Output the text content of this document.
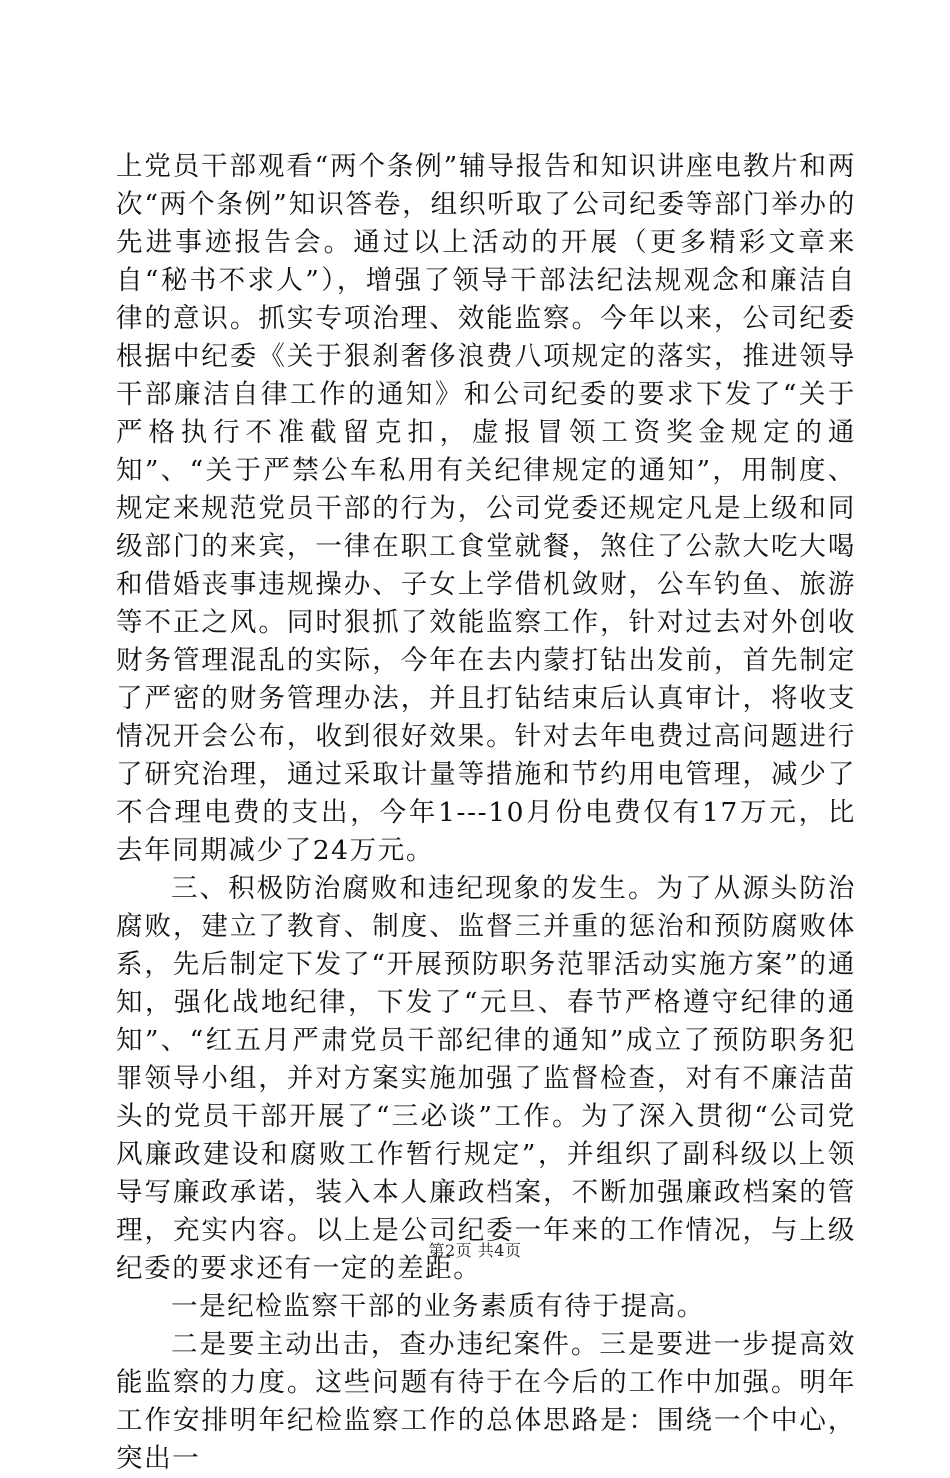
上党员干部观看“两个条例”辅导报告和知识讲座电教片和两次“两个条例”知识答卷，组织听取了公司纪委等部门举办的先进事迹报告会。通过以上活动的开展（更多精彩文章来自“秘书不求人”），增强了领导干部法纪法规观念和廉洁自律的意识。抓实专项治理、效能监察。今年以来，公司纪委根据中纪委《关于狠刹奢侈浪费八项规定的落实，推进领导干部廉洁自律工作的通知》和公司纪委的要求下发了“关于严格执行不准截留克扣，虚报冒领工资奖金规定的通知”、“关于严禁公车私用有关纪律规定的通知”，用制度、规定来规范党员干部的行为，公司党委还规定凡是上级和同级部门的来宾，一律在职工食堂就餐，煞住了公款大吃大喝和借婚丧事违规操办、子女上学借机敛财，公车钓鱼、旅游等不正之风。同时狠抓了效能监察工作，针对过去对外创收财务管理混乱的实际，今年在去内蒙打钻出发前，首先制定了严密的财务管理办法，并且打钻结束后认真审计，将收支情况开会公布，收到很好效果。针对去年电费过高问题进行了研究治理，通过采取计量等措施和节约用电管理，减少了不合理电费的支出，今年1---10月份电费仅有17万元，比去年同期减少了24万元。

三、积极防治腐败和违纪现象的发生。为了从源头防治腐败，建立了教育、制度、监督三并重的惩治和预防腐败体系，先后制定下发了“开展预防职务范罪活动实施方案”的通知，强化战地纪律，下发了“元旦、春节严格遵守纪律的通知”、“红五月严肃党员干部纪律的通知”成立了预防职务犯罪领导小组，并对方案实施加强了监督检查，对有不廉洁苗头的党员干部开展了“三必谈”工作。为了深入贯彻“公司党风廉政建设和腐败工作暂行规定”，并组织了副科级以上领导写廉政承诺，装入本人廉政档案，不断加强廉政档案的管理，充实内容。以上是公司纪委一年来的工作情况，与上级纪委的要求还有一定的差距。

一是纪检监察干部的业务素质有待于提高。

二是要主动出击，查办违纪案件。三是要进一步提高效能监察的力度。这些问题有待于在今后的工作中加强。明年工作安排明年纪检监察工作的总体思路是：围绕一个中心，突出一

第2页 共4页
